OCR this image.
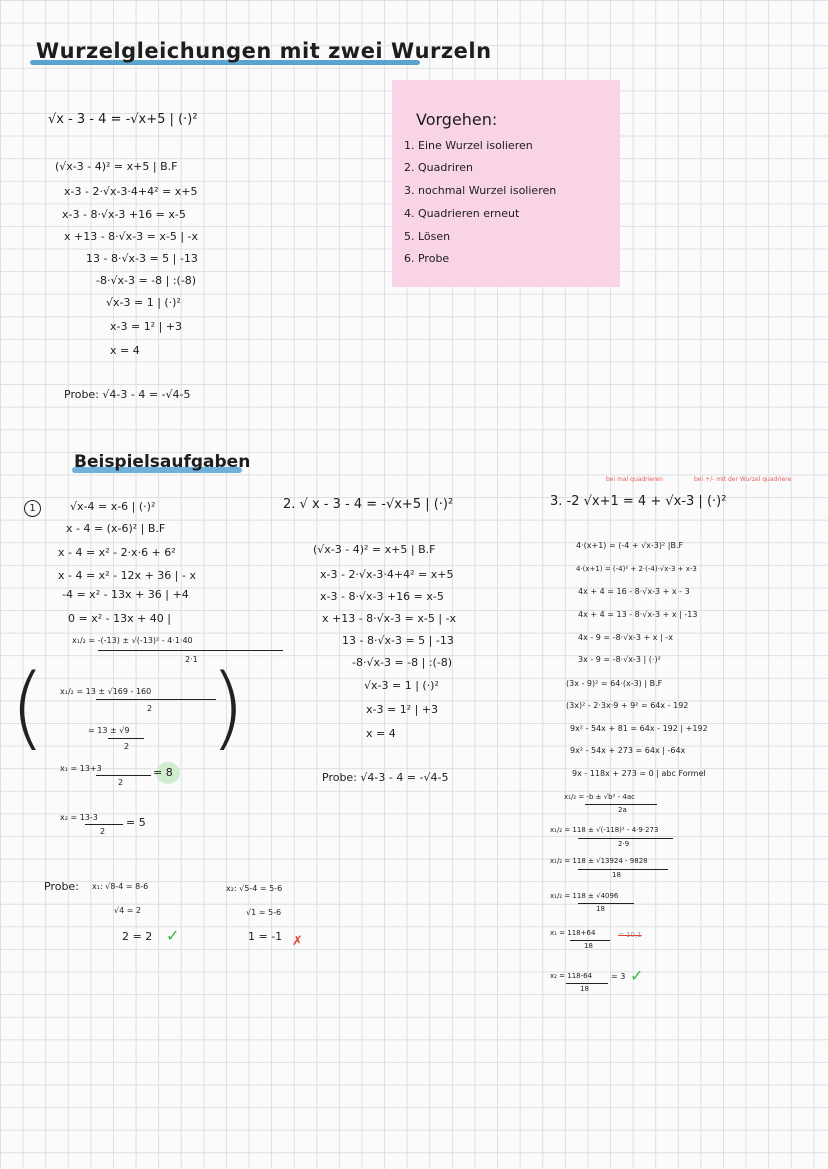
Wurzelgleichungen mit zwei Wurzeln
Vorgehen:
1. Eine Wurzel isolieren
2. Quadriren
3. nochmal Wurzel isolieren
4. Quadrieren erneut
5. Lösen
6. Probe
√x - 3 - 4 = -√x+5 | (·)²
(√x-3 - 4)² = x+5 | B.F
x-3 - 2·√x-3·4+4² = x+5
x-3 - 8·√x-3 +16 = x-5
x +13 - 8·√x-3 = x-5 | -x
13 - 8·√x-3 = 5 | -13
-8·√x-3 = -8 | :(-8)
√x-3 = 1 | (·)²
x-3 = 1² | +3
x = 4
Probe: √4-3 - 4 = -√4-5
Beispielsaufgaben
1	√x-4 = x-6 | (·)²
x - 4 = (x-6)² | B.F
x - 4 = x² - 2·x·6 + 6²
x - 4 = x² - 12x + 36 | - x
-4 = x² - 13x + 36 | +4
0 = x² - 13x + 40 |
x₁/₂ = -(-13) ± √(-13)² - 4·1·40
2·1
( )
x₁/₂ = 13 ± √169 - 160
2
= 13 ± √9
2
x₁ = 13+3
2
= 8
x₂ = 13-3
2
= 5
Probe: x₁: √8-4 = 8-6
√4 = 2
2 = 2 ✓
x₂: √5-4 = 5-6
√1 = 5-6
1 = -1 ✗
2. √ x - 3 - 4 = -√x+5 | (·)²
(√x-3 - 4)² = x+5 | B.F
x-3 - 2·√x-3·4+4² = x+5
x-3 - 8·√x-3 +16 = x-5
x +13 - 8·√x-3 = x-5 | -x
13 - 8·√x-3 = 5 | -13
-8·√x-3 = -8 | :(-8)
√x-3 = 1 | (·)²
x-3 = 1² | +3
x = 4
Probe: √4-3 - 4 = -√4-5
bei mal quadrieren	bei +/- mit der Wurzel quadriere
3. -2 √x+1 = 4 + √x-3 | (·)²
4·(x+1) = (-4 + √x-3)² |B.F
4·(x+1) = (-4)² + 2·(-4)·√x-3 + x-3
4x + 4 = 16 - 8·√x-3 + x - 3
4x + 4 = 13 - 8·√x-3 + x | -13
4x - 9 = -8·√x-3 + x | -x
3x - 9 = -8·√x-3 | (·)²
(3x - 9)² = 64·(x-3) | B.F
(3x)² - 2·3x·9 + 9² = 64x - 192
9x² - 54x + 81 = 64x - 192 | +192
9x² - 54x + 273 = 64x | -64x
9x - 118x + 273 = 0 | abc Formel
x₁/₂ = -b ± √b² - 4ac
2a
x₁/₂ = 118 ± √(-118)² - 4·9·273
2·9
x₁/₂ = 118 ± √13924 - 9828
18
x₁/₂ = 118 ± √4096
18
x₁ = 118+64
18
= 10,1
x₂ = 118-64
18
= 3 ✓
